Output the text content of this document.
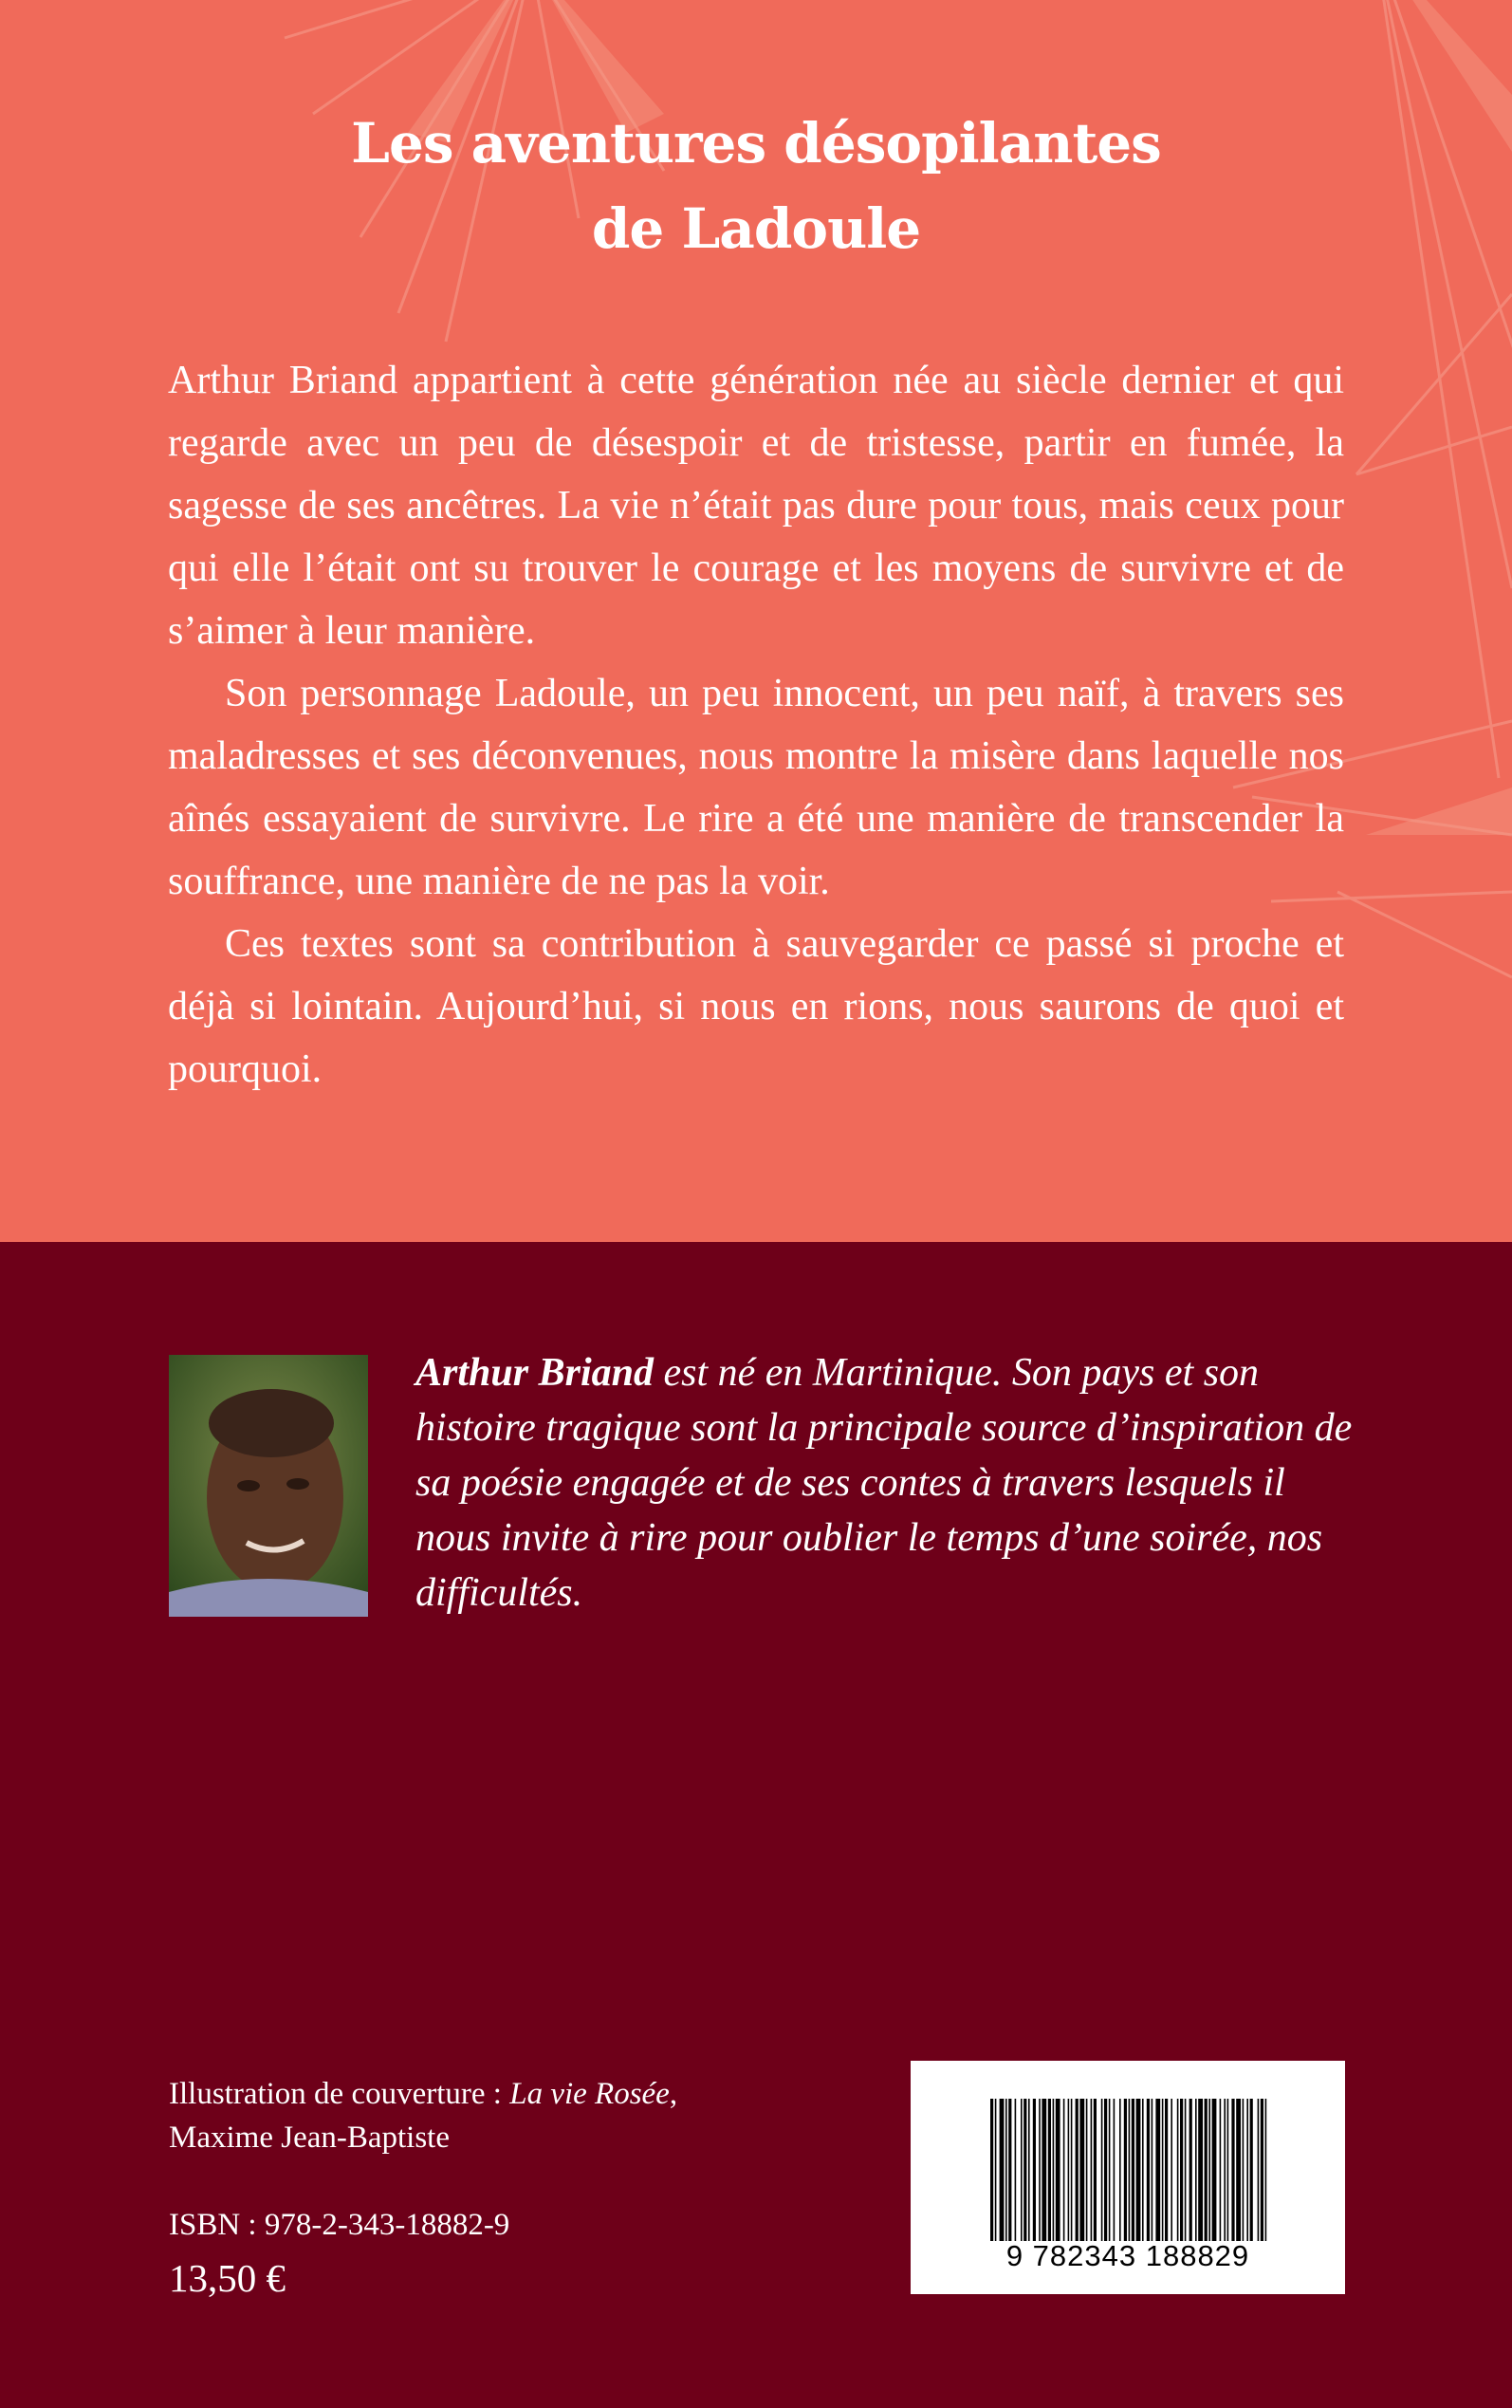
Les aventures désopilantes
de Ladoule

Arthur Briand appartient à cette génération née au siècle dernier et qui regarde avec un peu de désespoir et de tristesse, partir en fumée, la sagesse de ses ancêtres. La vie n’était pas dure pour tous, mais ceux pour qui elle l’était ont su trouver le courage et les moyens de survivre et de s’aimer à leur manière.

Son personnage Ladoule, un peu innocent, un peu naïf, à travers ses maladresses et ses déconvenues, nous montre la misère dans laquelle nos aînés essayaient de survivre. Le rire a été une manière de transcender la souffrance, une manière de ne pas la voir.

Ces textes sont sa contribution à sauvegarder ce passé si proche et déjà si lointain. Aujourd’hui, si nous en rions, nous saurons de quoi et pourquoi.

Arthur Briand est né en Martinique. Son pays et son histoire tragique sont la principale source d’inspiration de sa poésie engagée et de ses contes à travers lesquels il nous invite à rire pour oublier le temps d’une soirée, nos difficultés.

Illustration de couverture : La vie Rosée,

Maxime Jean-Baptiste

ISBN : 978-2-343-18882-9
13,50 €
9 782343 188829
